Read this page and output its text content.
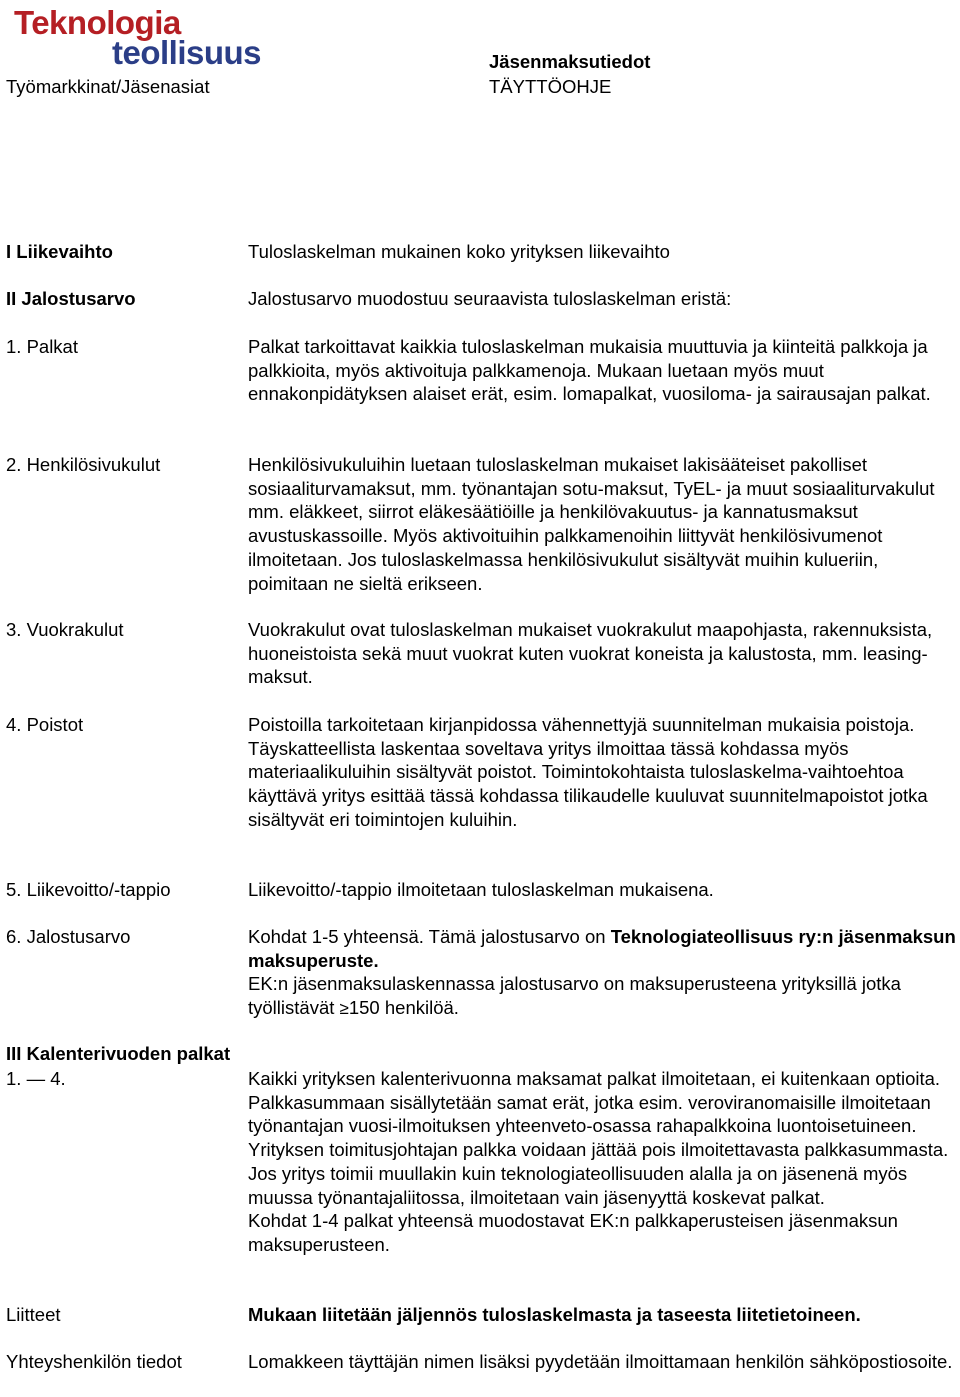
Teknologia
teollisuus
Työmarkkinat/Jäsenasiat
Jäsenmaksutiedot
TÄYTTÖOHJE
I Liikevaihto	Tuloslaskelman mukainen koko yrityksen liikevaihto
II Jalostusarvo	Jalostusarvo muodostuu seuraavista tuloslaskelman eristä:
1. Palkat	Palkat tarkoittavat kaikkia tuloslaskelman mukaisia muuttuvia ja kiinteitä palkkoja ja palkkioita, myös aktivoituja palkkamenoja. Mukaan luetaan myös muut ennakonpidätyksen alaiset erät, esim. lomapalkat, vuosiloma- ja sairausajan palkat.
2. Henkilösivukulut	Henkilösivukuluihin luetaan tuloslaskelman mukaiset lakisääteiset pakolliset sosiaaliturvamaksut, mm. työnantajan sotu-maksut, TyEL- ja muut sosiaaliturvakulut mm. eläkkeet, siirrot eläkesäätiöille ja henkilövakuutus- ja kannatusmaksut avustuskassoille. Myös aktivoituihin palkkamenoihin liittyvät henkilösivumenot ilmoitetaan. Jos tuloslaskelmassa henkilösivukulut sisältyvät muihin kulueriin, poimitaan ne sieltä erikseen.
3. Vuokrakulut	Vuokrakulut ovat tuloslaskelman mukaiset vuokrakulut maapohjasta, rakennuksista, huoneistoista sekä muut vuokrat kuten vuokrat koneista ja kalustosta, mm. leasing-maksut.
4. Poistot	Poistoilla tarkoitetaan kirjanpidossa vähennettyjä suunnitelman mukaisia poistoja.

Täyskatteellista laskentaa soveltava yritys ilmoittaa tässä kohdassa myös materiaalikuluihin sisältyvät poistot. Toimintokohtaista tuloslaskelma-vaihtoehtoa käyttävä yritys esittää tässä kohdassa tilikaudelle kuuluvat suunnitelmapoistot jotka sisältyvät eri toimintojen kuluihin.

5. Liikevoitto/-tappio	Liikevoitto/-tappio ilmoitetaan tuloslaskelman mukaisena.
6. Jalostusarvo	Kohdat 1-5 yhteensä. Tämä jalostusarvo on Teknologiateollisuus ry:n jäsenmaksun maksuperuste.

EK:n jäsenmaksulaskennassa jalostusarvo on maksuperusteena yrityksillä jotka työllistävät ≥150 henkilöä.

III Kalenterivuoden palkat
1. — 4.	Kaikki yrityksen kalenterivuonna maksamat palkat ilmoitetaan, ei kuitenkaan optioita. Palkkasummaan sisällytetään samat erät, jotka esim. veroviranomaisille ilmoitetaan työnantajan vuosi-ilmoituksen yhteenveto-osassa rahapalkkoina luontoisetuineen. Yrityksen toimitusjohtajan palkka voidaan jättää pois ilmoitettavasta palkkasummasta. Jos yritys toimii muullakin kuin teknologiateollisuuden alalla ja on jäsenenä myös muussa työnantajaliitossa, ilmoitetaan vain jäsenyyttä koskevat palkat.

Kohdat 1-4 palkat yhteensä muodostavat EK:n palkkaperusteisen jäsenmaksun maksuperusteen.

Liitteet	Mukaan liitetään jäljennös tuloslaskelmasta ja taseesta liitetietoineen.
Yhteyshenkilön tiedot	Lomakkeen täyttäjän nimen lisäksi pyydetään ilmoittamaan henkilön sähköpostiosoite.
